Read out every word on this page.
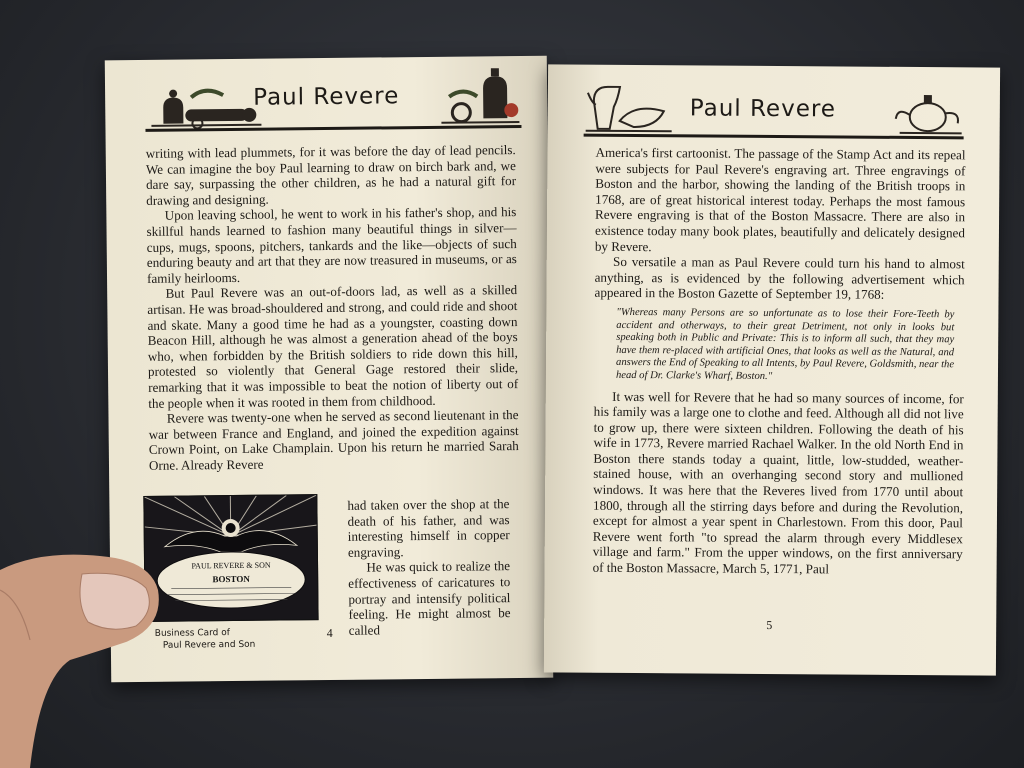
Paul Revere

writing with lead plummets, for it was before the day of lead pencils. We can imagine the boy Paul learning to draw on birch bark and, we dare say, surpassing the other children, as he had a natural gift for drawing and designing.

Upon leaving school, he went to work in his father's shop, and his skillful hands learned to fashion many beautiful things in silver—cups, mugs, spoons, pitchers, tankards and the like—objects of such enduring beauty and art that they are now treasured in museums, or as family heirlooms.

But Paul Revere was an out-of-doors lad, as well as a skilled artisan. He was broad-shouldered and strong, and could ride and shoot and skate. Many a good time he had as a youngster, coasting down Beacon Hill, although he was almost a generation ahead of the boys who, when forbidden by the British soldiers to ride down this hill, protested so violently that General Gage restored their slide, remarking that it was impossible to beat the notion of liberty out of the people when it was rooted in them from childhood.

Revere was twenty-one when he served as second lieutenant in the war between France and England, and joined the expedition against Crown Point, on Lake Champlain. Upon his return he married Sarah Orne. Already Revere

PAUL REVERE & SON
BOSTON
Business Card of
Paul Revere and Son
4

had taken over the shop at the death of his father, and was interesting himself in copper engraving.

He was quick to realize the effectiveness of caricatures to portray and intensify political feeling. He might almost be called

Paul Revere

America's first cartoonist. The passage of the Stamp Act and its repeal were subjects for Paul Revere's engraving art. Three engravings of Boston and the harbor, showing the landing of the British troops in 1768, are of great historical interest today. Perhaps the most famous Revere engraving is that of the Boston Massacre. There are also in existence today many book plates, beautifully and delicately designed by Revere.

So versatile a man as Paul Revere could turn his hand to almost anything, as is evidenced by the following advertisement which appeared in the Boston Gazette of September 19, 1768:

"Whereas many Persons are so unfortunate as to lose their Fore-Teeth by accident and otherways, to their great Detriment, not only in looks but speaking both in Public and Private: This is to inform all such, that they may have them re-placed with artificial Ones, that looks as well as the Natural, and answers the End of Speaking to all Intents, by Paul Revere, Goldsmith, near the head of Dr. Clarke's Wharf, Boston."

It was well for Revere that he had so many sources of income, for his family was a large one to clothe and feed. Although all did not live to grow up, there were sixteen children. Following the death of his wife in 1773, Revere married Rachael Walker. In the old North End in Boston there stands today a quaint, little, low-studded, weather-stained house, with an overhanging second story and mullioned windows. It was here that the Reveres lived from 1770 until about 1800, through all the stirring days before and during the Revolution, except for almost a year spent in Charlestown. From this door, Paul Revere went forth "to spread the alarm through every Middlesex village and farm." From the upper windows, on the first anniversary of the Boston Massacre, March 5, 1771, Paul

5
